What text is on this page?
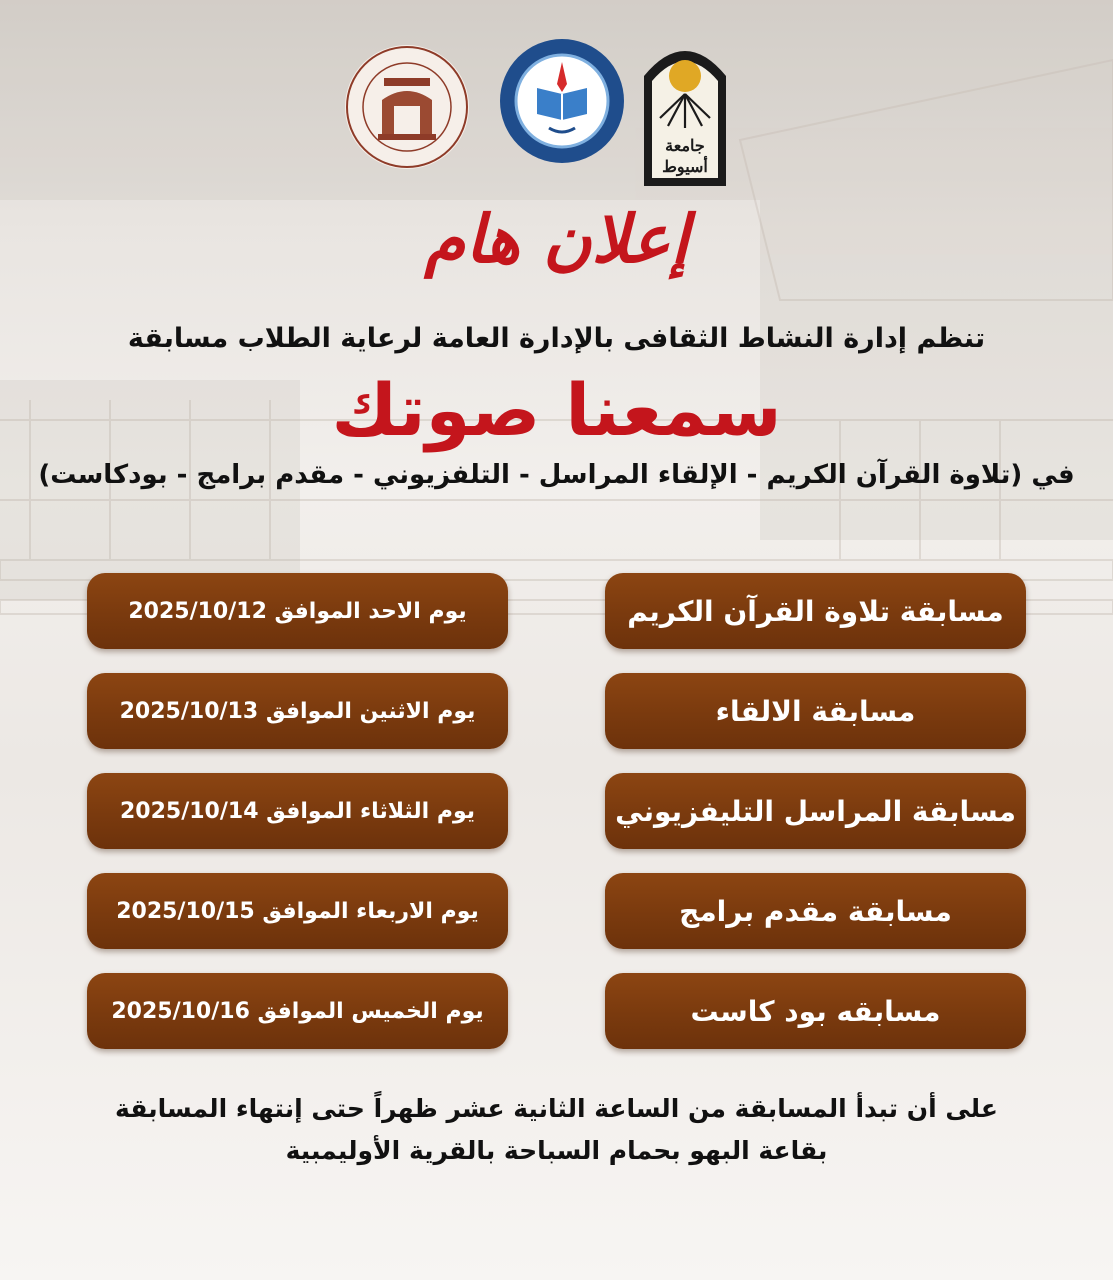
جامعة
أسيوط
إعلان هام
تنظم إدارة النشاط الثقافى بالإدارة العامة لرعاية الطلاب مسابقة
سمعنا صوتك
في (تلاوة القرآن الكريم - الإلقاء المراسل - التلفزيوني - مقدم برامج - بودكاست)
مسابقة تلاوة القرآن الكريم
يوم الاحد الموافق 2025/10/12
مسابقة الالقاء
يوم الاثنين الموافق 2025/10/13
مسابقة المراسل التليفزيوني
يوم الثلاثاء الموافق 2025/10/14
مسابقة مقدم برامج
يوم الاربعاء الموافق 2025/10/15
مسابقه بود كاست
يوم الخميس الموافق 2025/10/16
على أن تبدأ المسابقة من الساعة الثانية عشر ظهراً حتى إنتهاء المسابقة
بقاعة البهو بحمام السباحة بالقرية الأوليمبية
